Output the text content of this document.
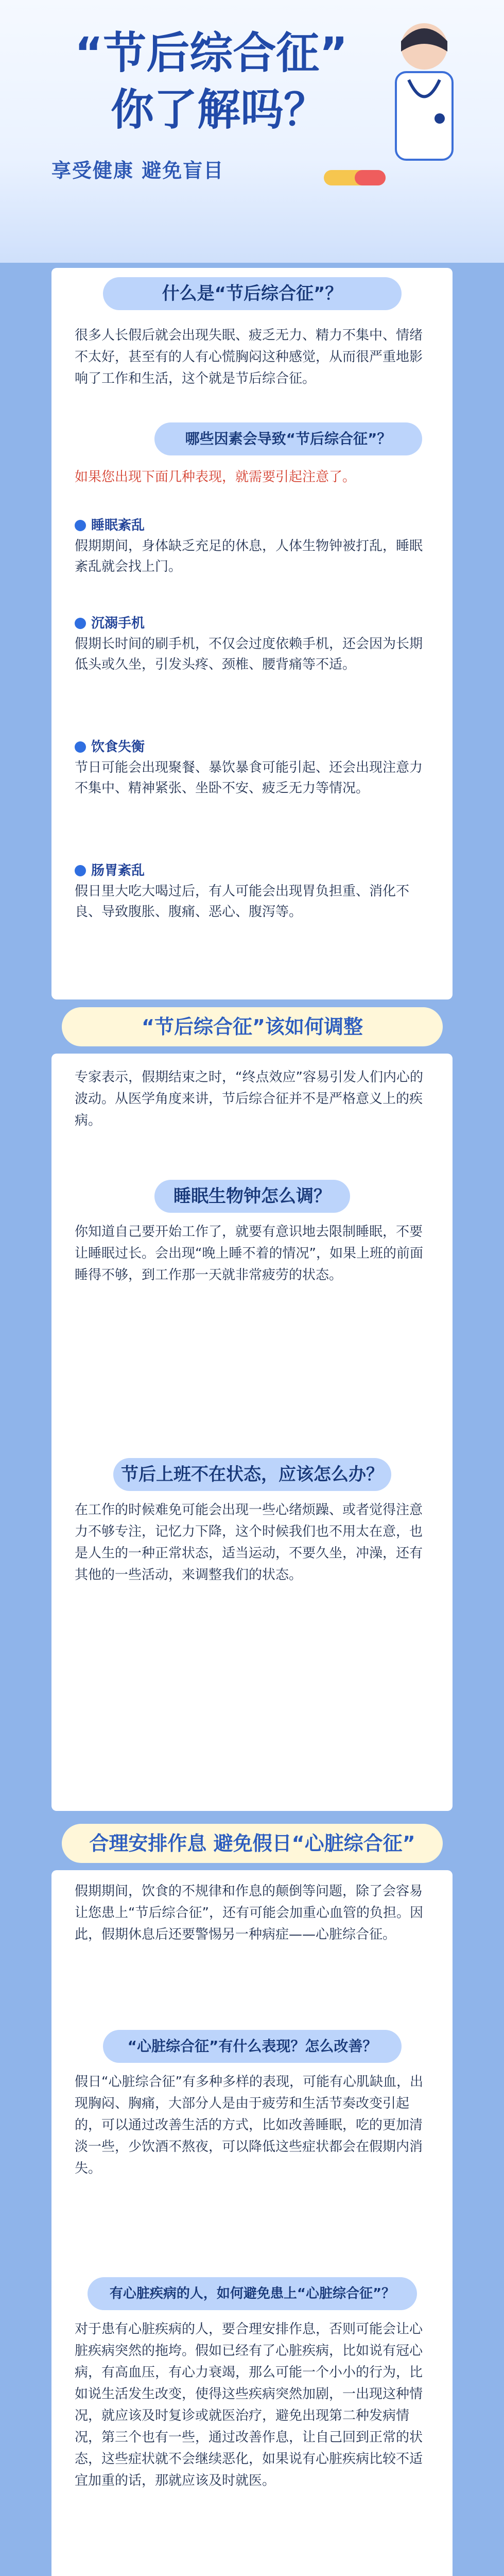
“节后综合征”
你了解吗？
享受健康 避免盲目
什么是“节后综合征”？
很多人长假后就会出现失眠、疲乏无力、精力不集中、情绪不太好，甚至有的人有心慌胸闷这种感觉，从而很严重地影响了工作和生活，这个就是节后综合征。
哪些因素会导致“节后综合征”？
如果您出现下面几种表现，就需要引起注意了。
睡眠紊乱
假期期间，身体缺乏充足的休息，人体生物钟被打乱，睡眠紊乱就会找上门。
沉溺手机
假期长时间的刷手机，不仅会过度依赖手机，还会因为长期低头或久坐，引发头疼、颈椎、腰背痛等不适。
饮食失衡
节日可能会出现聚餐、暴饮暴食可能引起、还会出现注意力不集中、精神紧张、坐卧不安、疲乏无力等情况。
肠胃紊乱
假日里大吃大喝过后，有人可能会出现胃负担重、消化不良、导致腹胀、腹痛、恶心、腹泻等。
“节后综合征”该如何调整
专家表示，假期结束之时，“终点效应”容易引发人们内心的波动。从医学角度来讲，节后综合征并不是严格意义上的疾病。
睡眠生物钟怎么调？
你知道自己要开始工作了，就要有意识地去限制睡眠，不要让睡眠过长。会出现“晚上睡不着的情况”，如果上班的前面睡得不够，到工作那一天就非常疲劳的状态。
节后上班不在状态，应该怎么办？
在工作的时候难免可能会出现一些心绪烦躁、或者觉得注意力不够专注，记忆力下降，这个时候我们也不用太在意，也是人生的一种正常状态，适当运动，不要久坐，冲澡，还有其他的一些活动，来调整我们的状态。
合理安排作息 避免假日“心脏综合征”
假期期间，饮食的不规律和作息的颠倒等问题，除了会容易让您患上“节后综合征”，还有可能会加重心血管的负担。因此，假期休息后还要警惕另一种病症——心脏综合征。
“心脏综合征”有什么表现？怎么改善？
假日“心脏综合征”有多种多样的表现，可能有心肌缺血，出现胸闷、胸痛，大部分人是由于疲劳和生活节奏改变引起的，可以通过改善生活的方式，比如改善睡眠，吃的更加清淡一些，少饮酒不熬夜，可以降低这些症状都会在假期内消失。
有心脏疾病的人，如何避免患上“心脏综合征”？
对于患有心脏疾病的人，要合理安排作息，否则可能会让心脏疾病突然的拖垮。假如已经有了心脏疾病，比如说有冠心病，有高血压，有心力衰竭，那么可能一个小小的行为，比如说生活发生改变，使得这些疾病突然加剧，一出现这种情况，就应该及时复诊或就医治疗，避免出现第二种发病情况，第三个也有一些，通过改善作息，让自己回到正常的状态，这些症状就不会继续恶化，如果说有心脏疾病比较不适宜加重的话，那就应该及时就医。
